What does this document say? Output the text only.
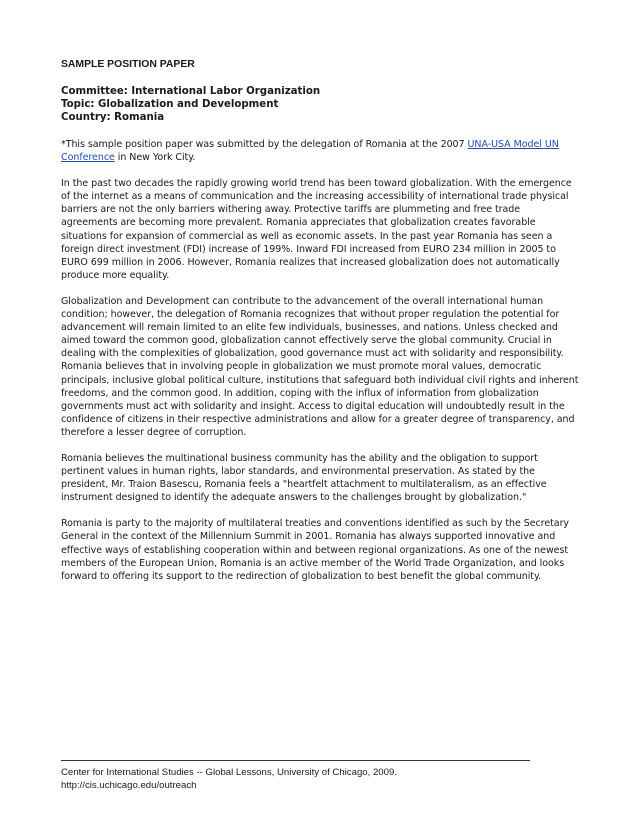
SAMPLE POSITION PAPER
Committee: International Labor Organization
Topic: Globalization and Development
Country: Romania

*This sample position paper was submitted by the delegation of Romania at the 2007 UNA-USA Model UN Conference in New York City.

In the past two decades the rapidly growing world trend has been toward globalization. With the emergence of the internet as a means of communication and the increasing accessibility of international trade physical barriers are not the only barriers withering away. Protective tariffs are plummeting and free trade agreements are becoming more prevalent. Romania appreciates that globalization creates favorable situations for expansion of commercial as well as economic assets. In the past year Romania has seen a foreign direct investment (FDI) increase of 199%. Inward FDI increased from EURO 234 million in 2005 to EURO 699 million in 2006. However, Romania realizes that increased globalization does not automatically produce more equality.

Globalization and Development can contribute to the advancement of the overall international human condition; however, the delegation of Romania recognizes that without proper regulation the potential for advancement will remain limited to an elite few individuals, businesses, and nations. Unless checked and aimed toward the common good, globalization cannot effectively serve the global community. Crucial in dealing with the complexities of globalization, good governance must act with solidarity and responsibility. Romania believes that in involving people in globalization we must promote moral values, democratic principals, inclusive global political culture, institutions that safeguard both individual civil rights and inherent freedoms, and the common good. In addition, coping with the influx of information from globalization governments must act with solidarity and insight. Access to digital education will undoubtedly result in the confidence of citizens in their respective administrations and allow for a greater degree of transparency, and therefore a lesser degree of corruption.

Romania believes the multinational business community has the ability and the obligation to support pertinent values in human rights, labor standards, and environmental preservation. As stated by the president, Mr. Traion Basescu, Romania feels a "heartfelt attachment to multilateralism, as an effective instrument designed to identify the adequate answers to the challenges brought by globalization."

Romania is party to the majority of multilateral treaties and conventions identified as such by the Secretary General in the context of the Millennium Summit in 2001. Romania has always supported innovative and effective ways of establishing cooperation within and between regional organizations. As one of the newest members of the European Union, Romania is an active member of the World Trade Organization, and looks forward to offering its support to the redirection of globalization to best benefit the global community.

Center for International Studies -- Global Lessons, University of Chicago, 2009.
http://cis.uchicago.edu/outreach
